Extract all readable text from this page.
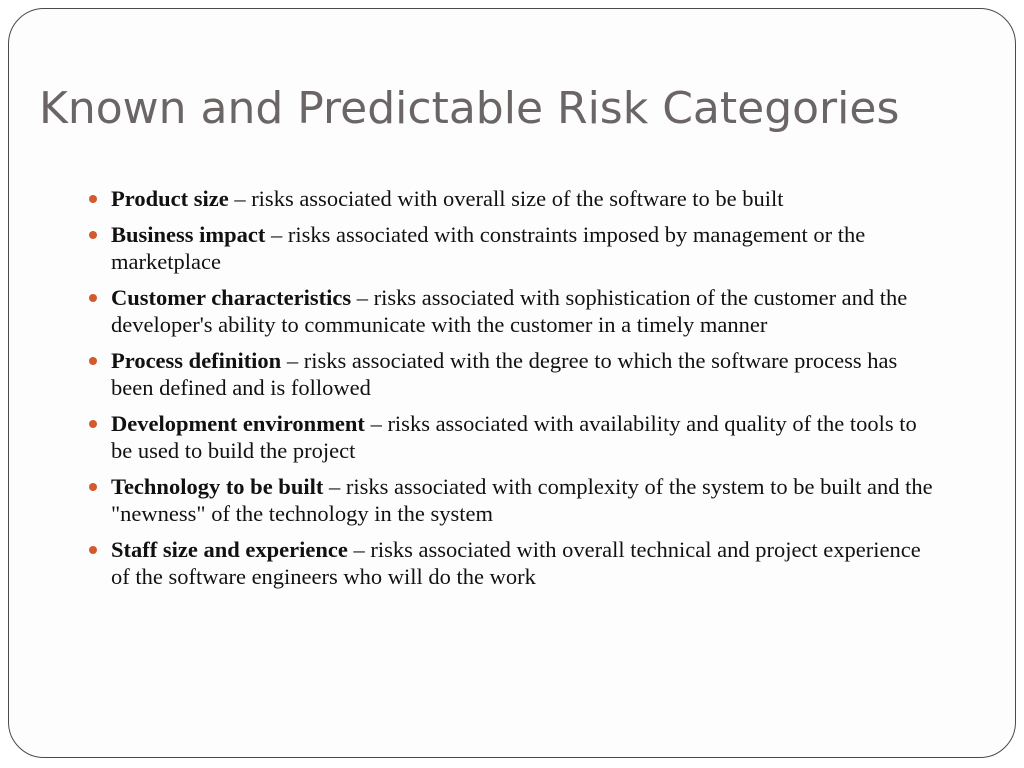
Known and Predictable Risk Categories
Product size – risks associated with overall size of the software to be built
Business impact – risks associated with constraints imposed by management or the marketplace
Customer characteristics – risks associated with sophistication of the customer and the developer's ability to communicate with the customer in a timely manner
Process definition – risks associated with the degree to which the software process has been defined and is followed
Development environment – risks associated with availability and quality of the tools to be used to build the project
Technology to be built – risks associated with complexity of the system to be built and the "newness" of the technology in the system
Staff size and experience – risks associated with overall technical and project experience of the software engineers who will do the work
